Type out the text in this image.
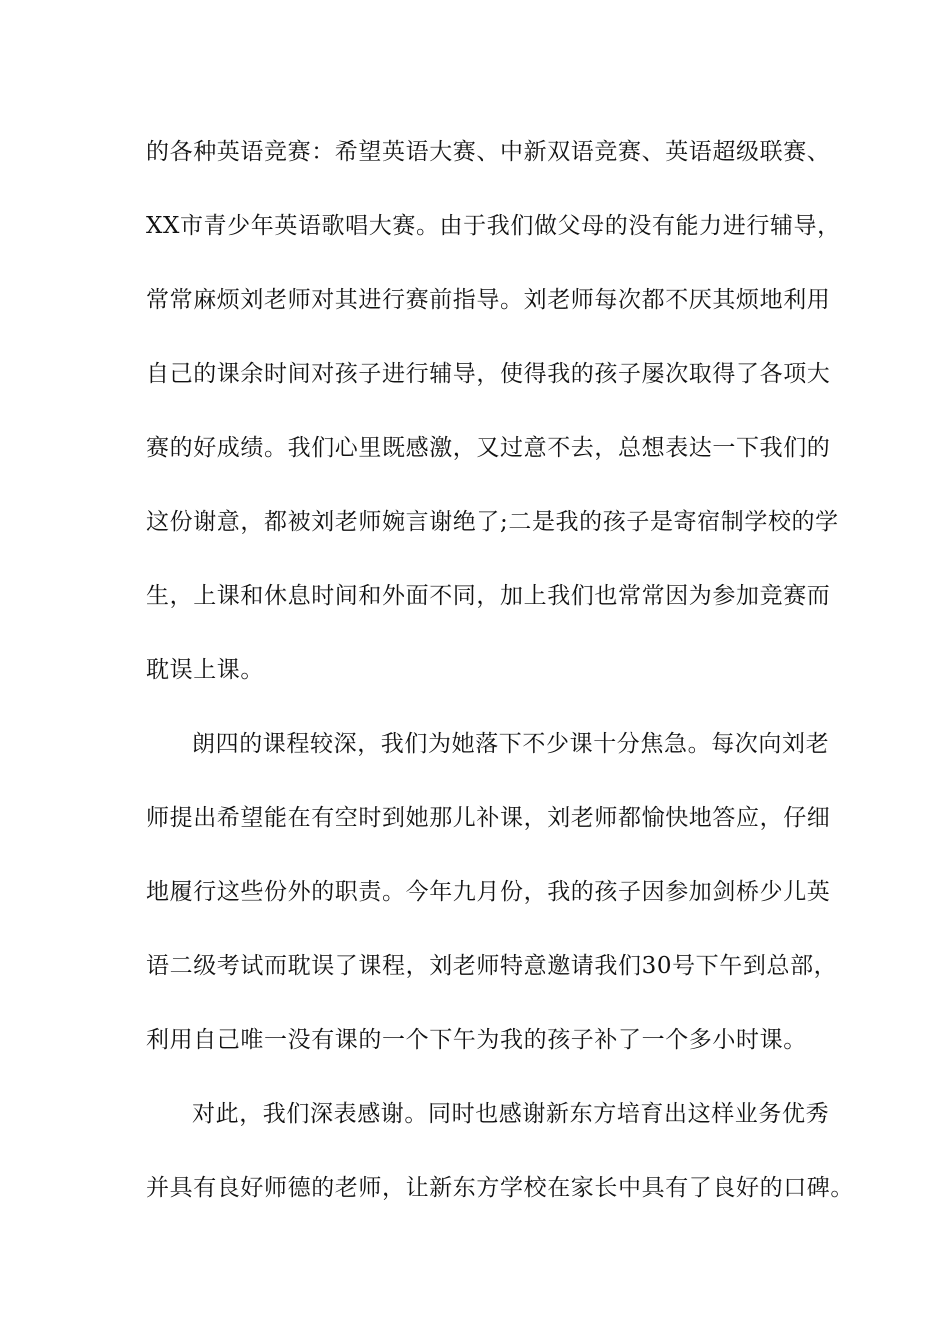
的各种英语竞赛：希望英语大赛、中新双语竞赛、英语超级联赛、
XX市青少年英语歌唱大赛。由于我们做父母的没有能力进行辅导，
常常麻烦刘老师对其进行赛前指导。刘老师每次都不厌其烦地利用
自己的课余时间对孩子进行辅导，使得我的孩子屡次取得了各项大
赛的好成绩。我们心里既感激，又过意不去，总想表达一下我们的
这份谢意，都被刘老师婉言谢绝了;二是我的孩子是寄宿制学校的学
生，上课和休息时间和外面不同，加上我们也常常因为参加竞赛而
耽误上课。
朗四的课程较深，我们为她落下不少课十分焦急。每次向刘老
师提出希望能在有空时到她那儿补课，刘老师都愉快地答应，仔细
地履行这些份外的职责。今年九月份，我的孩子因参加剑桥少儿英
语二级考试而耽误了课程，刘老师特意邀请我们30号下午到总部，
利用自己唯一没有课的一个下午为我的孩子补了一个多小时课。
对此，我们深表感谢。同时也感谢新东方培育出这样业务优秀
并具有良好师德的老师，让新东方学校在家长中具有了良好的口碑。
